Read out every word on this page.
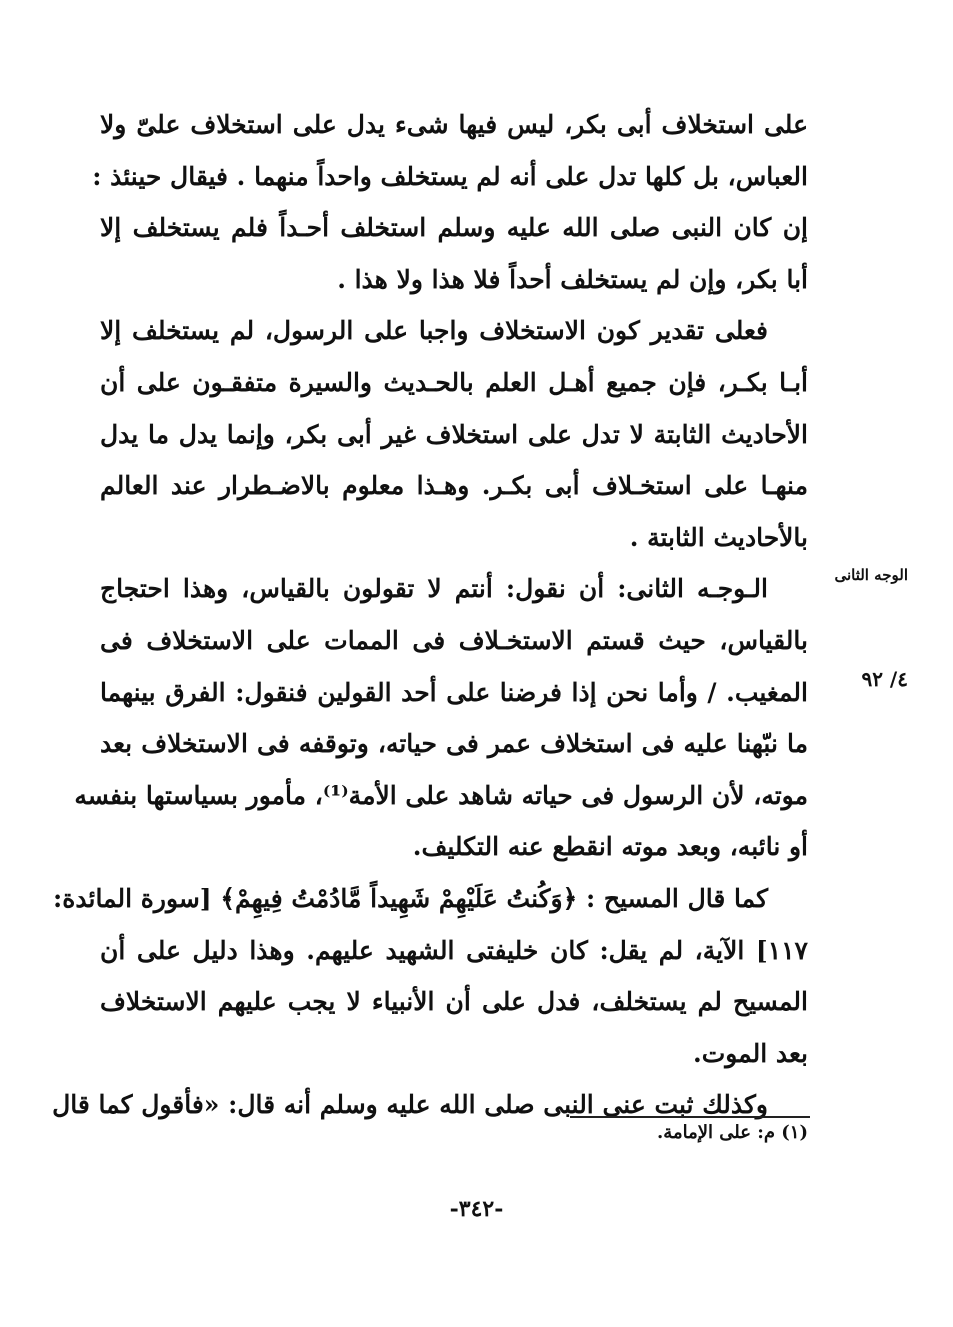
على استخلاف أبى بكر، ليس فيها شىء يدل على استخلاف علىّ ولا
العباس، بل كلها تدل على أنه لم يستخلف واحداً منهما . فيقال حينئذ :
إن كان النبى صلى الله عليه وسلم استخلف أحـداً فلم يستخلف إلا
أبا بكر، وإن لم يستخلف أحداً فلا هذا ولا هذا .
فعلى تقدير كون الاستخلاف واجبا على الرسول، لم يستخلف إلا
أبـا بكـر، فإن جميع أهـل العلم بالحـديث والسيرة متفقـون على أن
الأحاديث الثابتة لا تدل على استخلاف غير أبى بكر، وإنما يدل ما يدل
منهـا على استخـلاف أبى بكـر. وهـذا معلوم بالاضـطرار عند العالم
بالأحاديث الثابتة .
الـوجـه الثانى: أن نقول: أنتم لا تقولون بالقياس، وهذا احتجاج
بالقياس، حيث قستم الاستخـلاف فى الممات على الاستخلاف فى
المغيب. / وأما نحن إذا فرضنا على أحد القولين فنقول: الفرق بينهما
ما نبّهنا عليه فى استخلاف عمر فى حياته، وتوقفه فى الاستخلاف بعد
موته، لأن الرسول فى حياته شاهد على الأمة⁽¹⁾، مأمور بسياستها بنفسه
أو نائبه، وبعد موته انقطع عنه التكليف.
كما قال المسيح : ﴿وَكُنتُ عَلَيْهِمْ شَهِيداً مَّادُمْتُ فِيهِمْ﴾ [سورة المائدة:
١١٧] الآية، لم يقل: كان خليفتى الشهيد عليهم. وهذا دليل على أن
المسيح لم يستخلف، فدل على أن الأنبياء لا يجب عليهم الاستخلاف
بعد الموت.
وكذلك ثبت عنى النبى صلى الله عليه وسلم أنه قال: «فأقول كما قال
الوجه الثانى
٤/ ٩٢
(١) م: على الإمامة.
-٣٤٢-
